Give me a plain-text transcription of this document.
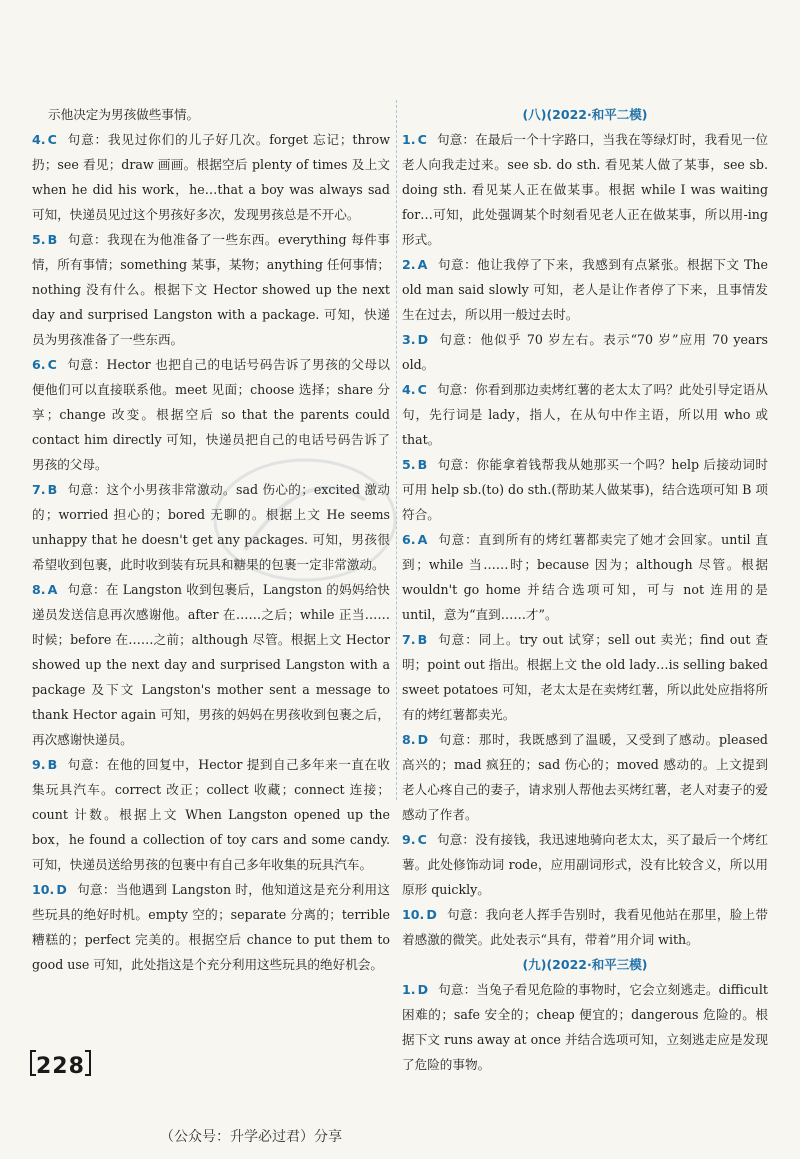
示他决定为男孩做些事情。

4. C 句意：我见过你们的儿子好几次。forget 忘记；throw 扔；see 看见；draw 画画。根据空后 plenty of times 及上文 when he did his work，he…that a boy was always sad 可知，快递员见过这个男孩好多次，发现男孩总是不开心。

5. B 句意：我现在为他准备了一些东西。everything 每件事情，所有事情；something 某事，某物；anything 任何事情；nothing 没有什么。根据下文 Hector showed up the next day and surprised Langston with a package. 可知，快递员为男孩准备了一些东西。

6. C 句意：Hector 也把自己的电话号码告诉了男孩的父母以便他们可以直接联系他。meet 见面；choose 选择；share 分享；change 改变。根据空后 so that the parents could contact him directly 可知，快递员把自己的电话号码告诉了男孩的父母。

7. B 句意：这个小男孩非常激动。sad 伤心的；excited 激动的；worried 担心的；bored 无聊的。根据上文 He seems unhappy that he doesn't get any packages. 可知，男孩很希望收到包裹，此时收到装有玩具和糖果的包裹一定非常激动。

8. A 句意：在 Langston 收到包裹后，Langston 的妈妈给快递员发送信息再次感谢他。after 在……之后；while 正当……时候；before 在……之前；although 尽管。根据上文 Hector showed up the next day and surprised Langston with a package 及下文 Langston's mother sent a message to thank Hector again 可知，男孩的妈妈在男孩收到包裹之后，再次感谢快递员。

9. B 句意：在他的回复中，Hector 提到自己多年来一直在收集玩具汽车。correct 改正；collect 收藏；connect 连接；count 计数。根据上文 When Langston opened up the box，he found a collection of toy cars and some candy. 可知，快递员送给男孩的包裹中有自己多年收集的玩具汽车。

10. D 句意：当他遇到 Langston 时，他知道这是充分利用这些玩具的绝好时机。empty 空的；separate 分离的；terrible 糟糕的；perfect 完美的。根据空后 chance to put them to good use 可知，此处指这是个充分利用这些玩具的绝好机会。

(八)(2022·和平二模)

1. C 句意：在最后一个十字路口，当我在等绿灯时，我看见一位老人向我走过来。see sb. do sth. 看见某人做了某事，see sb. doing sth. 看见某人正在做某事。根据 while I was waiting for…可知，此处强调某个时刻看见老人正在做某事，所以用-ing 形式。

2. A 句意：他让我停了下来，我感到有点紧张。根据下文 The old man said slowly 可知，老人是让作者停了下来，且事情发生在过去，所以用一般过去时。

3. D 句意：他似乎 70 岁左右。表示“70 岁”应用 70 years old。

4. C 句意：你看到那边卖烤红薯的老太太了吗？此处引导定语从句，先行词是 lady，指人，在从句中作主语，所以用 who 或 that。

5. B 句意：你能拿着钱帮我从她那买一个吗？help 后接动词时可用 help sb.(to) do sth.(帮助某人做某事)，结合选项可知 B 项符合。

6. A 句意：直到所有的烤红薯都卖完了她才会回家。until 直到；while 当……时；because 因为；although 尽管。根据 wouldn't go home 并结合选项可知，可与 not 连用的是 until，意为“直到……才”。

7. B 句意：同上。try out 试穿；sell out 卖光；find out 查明；point out 指出。根据上文 the old lady…is selling baked sweet potatoes 可知，老太太是在卖烤红薯，所以此处应指将所有的烤红薯都卖光。

8. D 句意：那时，我既感到了温暖，又受到了感动。pleased 高兴的；mad 疯狂的；sad 伤心的；moved 感动的。上文提到老人心疼自己的妻子，请求别人帮他去买烤红薯，老人对妻子的爱感动了作者。

9. C 句意：没有接钱，我迅速地骑向老太太，买了最后一个烤红薯。此处修饰动词 rode，应用副词形式，没有比较含义，所以用原形 quickly。

10. D 句意：我向老人挥手告别时，我看见他站在那里，脸上带着感激的微笑。此处表示“具有，带着”用介词 with。

(九)(2022·和平三模)

1. D 句意：当兔子看见危险的事物时，它会立刻逃走。difficult 困难的；safe 安全的；cheap 便宜的；dangerous 危险的。根据下文 runs away at once 并结合选项可知，立刻逃走应是发现了危险的事物。

228
（公众号：升学必过君）分享
